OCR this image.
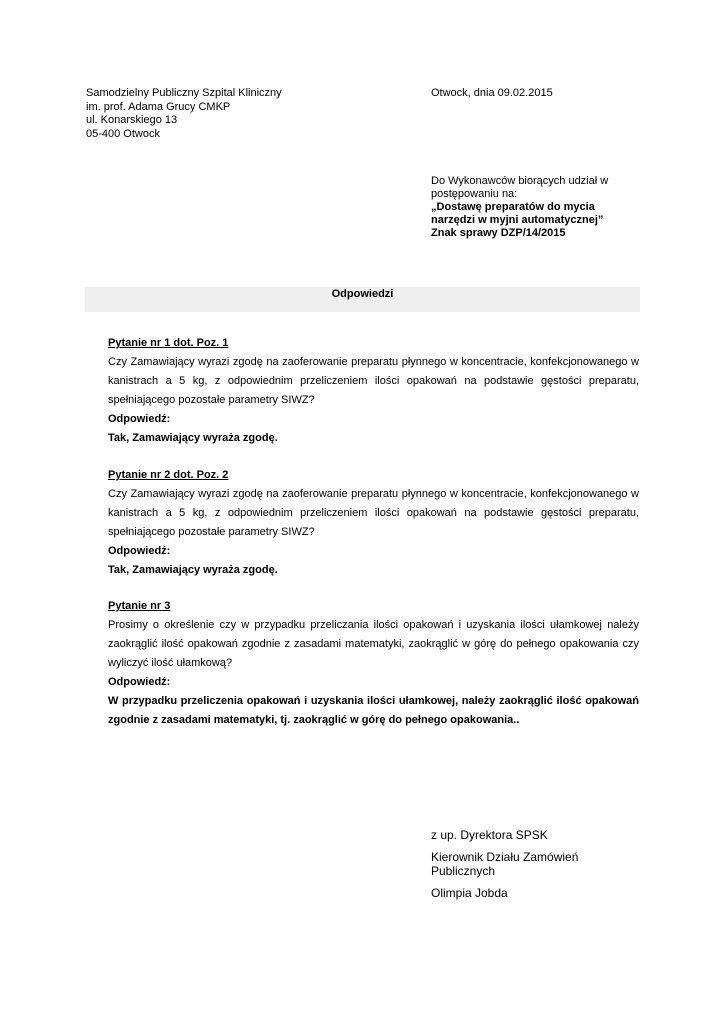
Samodzielny Publiczny Szpital Kliniczny
im. prof. Adama Grucy CMKP
ul. Konarskiego 13
05-400 Otwock
Otwock, dnia 09.02.2015
Do Wykonawców biorących udział w postępowaniu na:
„Dostawę preparatów do mycia narzędzi w myjni automatycznej”
Znak sprawy DZP/14/2015
Odpowiedzi
Pytanie nr 1 dot. Poz. 1
Czy Zamawiający wyrazi zgodę na zaoferowanie preparatu płynnego w koncentracie, konfekcjonowanego w kanistrach a 5 kg, z odpowiednim przeliczeniem ilości opakowań na podstawie gęstości preparatu, spełniającego pozostałe parametry SIWZ?
Odpowiedź:
Tak, Zamawiający wyraża zgodę.
Pytanie nr 2 dot. Poz. 2
Czy Zamawiający wyrazi zgodę na zaoferowanie preparatu płynnego w koncentracie, konfekcjonowanego w kanistrach a 5 kg, z odpowiednim przeliczeniem ilości opakowań na podstawie gęstości preparatu, spełniającego pozostałe parametry SIWZ?
Odpowiedź:
Tak, Zamawiający wyraża zgodę.
Pytanie nr 3
Prosimy o określenie czy w przypadku przeliczania ilości opakowań i uzyskania ilości ułamkowej należy zaokrąglić ilość opakowań zgodnie z zasadami matematyki, zaokrąglić w górę do pełnego opakowania czy wyliczyć ilość ułamkową?
Odpowiedź:
W przypadku przeliczenia opakowań i uzyskania ilości ułamkowej, należy zaokrąglić ilość opakowań zgodnie z zasadami matematyki, tj. zaokrąglić w górę do pełnego opakowania..
z up. Dyrektora SPSK
Kierownik Działu Zamówień Publicznych
Olimpia Jobda
